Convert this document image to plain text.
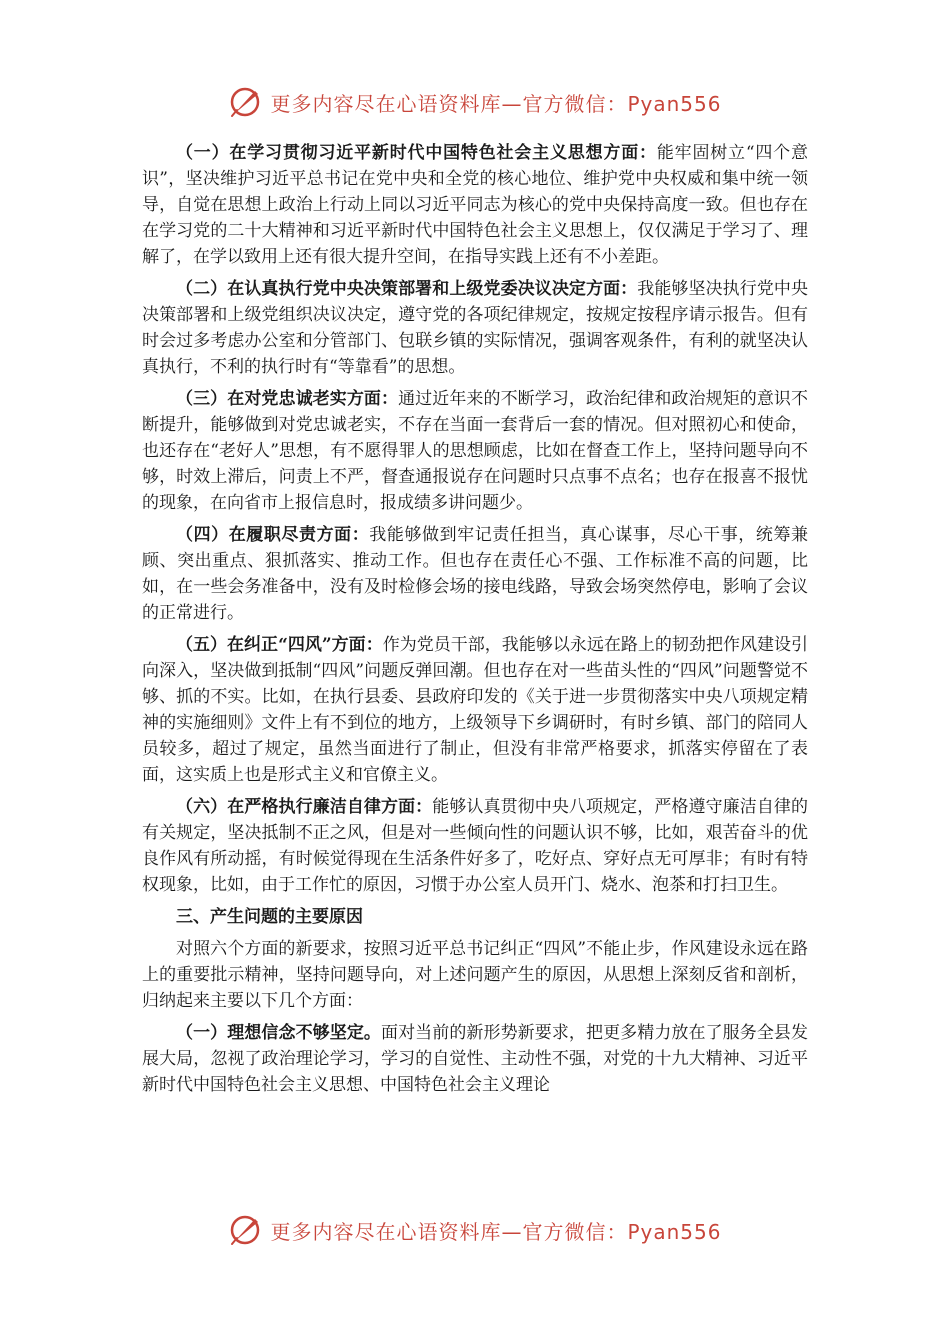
更多内容尽在心语资料库—官方微信：Pyan556

（一）在学习贯彻习近平新时代中国特色社会主义思想方面：能牢固树立“四个意识”，坚决维护习近平总书记在党中央和全党的核心地位、维护党中央权威和集中统一领导，自觉在思想上政治上行动上同以习近平同志为核心的党中央保持高度一致。但也存在在学习党的二十大精神和习近平新时代中国特色社会主义思想上，仅仅满足于学习了、理解了，在学以致用上还有很大提升空间，在指导实践上还有不小差距。

（二）在认真执行党中央决策部署和上级党委决议决定方面：我能够坚决执行党中央决策部署和上级党组织决议决定，遵守党的各项纪律规定，按规定按程序请示报告。但有时会过多考虑办公室和分管部门、包联乡镇的实际情况，强调客观条件，有利的就坚决认真执行，不利的执行时有“等靠看”的思想。

（三）在对党忠诚老实方面：通过近年来的不断学习，政治纪律和政治规矩的意识不断提升，能够做到对党忠诚老实，不存在当面一套背后一套的情况。但对照初心和使命，也还存在“老好人”思想，有不愿得罪人的思想顾虑，比如在督查工作上，坚持问题导向不够，时效上滞后，问责上不严，督查通报说存在问题时只点事不点名；也存在报喜不报忧的现象，在向省市上报信息时，报成绩多讲问题少。

（四）在履职尽责方面：我能够做到牢记责任担当，真心谋事，尽心干事，统筹兼顾、突出重点、狠抓落实、推动工作。但也存在责任心不强、工作标准不高的问题，比如，在一些会务准备中，没有及时检修会场的接电线路，导致会场突然停电，影响了会议的正常进行。

（五）在纠正“四风”方面：作为党员干部，我能够以永远在路上的韧劲把作风建设引向深入，坚决做到抵制“四风”问题反弹回潮。但也存在对一些苗头性的“四风”问题警觉不够、抓的不实。比如，在执行县委、县政府印发的《关于进一步贯彻落实中央八项规定精神的实施细则》文件上有不到位的地方，上级领导下乡调研时，有时乡镇、部门的陪同人员较多，超过了规定，虽然当面进行了制止，但没有非常严格要求，抓落实停留在了表面，这实质上也是形式主义和官僚主义。

（六）在严格执行廉洁自律方面：能够认真贯彻中央八项规定，严格遵守廉洁自律的有关规定，坚决抵制不正之风，但是对一些倾向性的问题认识不够，比如，艰苦奋斗的优良作风有所动摇，有时候觉得现在生活条件好多了，吃好点、穿好点无可厚非；有时有特权现象，比如，由于工作忙的原因，习惯于办公室人员开门、烧水、泡茶和打扫卫生。

三、产生问题的主要原因

对照六个方面的新要求，按照习近平总书记纠正“四风”不能止步，作风建设永远在路上的重要批示精神，坚持问题导向，对上述问题产生的原因，从思想上深刻反省和剖析，归纳起来主要以下几个方面：

（一）理想信念不够坚定。面对当前的新形势新要求，把更多精力放在了服务全县发展大局，忽视了政治理论学习，学习的自觉性、主动性不强，对党的十九大精神、习近平新时代中国特色社会主义思想、中国特色社会主义理论

更多内容尽在心语资料库—官方微信：Pyan556
